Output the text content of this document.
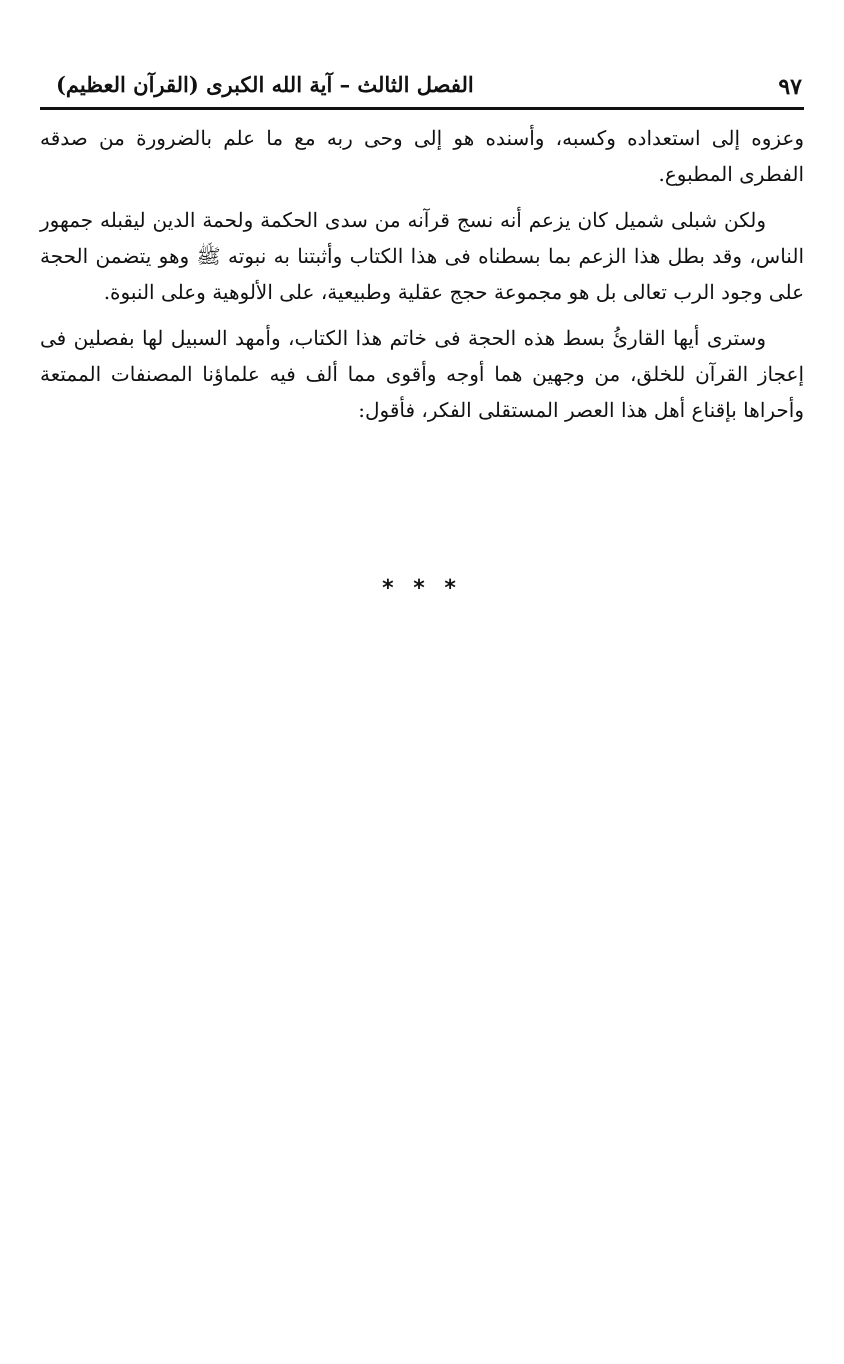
٩٧
الفصل الثالث – آية الله الكبرى (القرآن العظيم)

وعزوه إلى استعداده وكسبه، وأسنده هو إلى وحى ربه مع ما علم بالضرورة من صدقه الفطرى المطبوع.

ولكن شبلى شميل كان يزعم أنه نسج قرآنه من سدى الحكمة ولحمة الدين ليقبله جمهور الناس، وقد بطل هذا الزعم بما بسطناه فى هذا الكتاب وأثبتنا به نبوته ﷺ وهو يتضمن الحجة على وجود الرب تعالى بل هو مجموعة حجج عقلية وطبيعية، على الألوهية وعلى النبوة.

وسترى أيها القارئُ بسط هذه الحجة فى خاتم هذا الكتاب، وأمهد السبيل لها بفصلين فى إعجاز القرآن للخلق، من وجهين هما أوجه وأقوى مما ألف فيه علماؤنا المصنفات الممتعة وأحراها بإقناع أهل هذا العصر المستقلى الفكر، فأقول:

* * *
